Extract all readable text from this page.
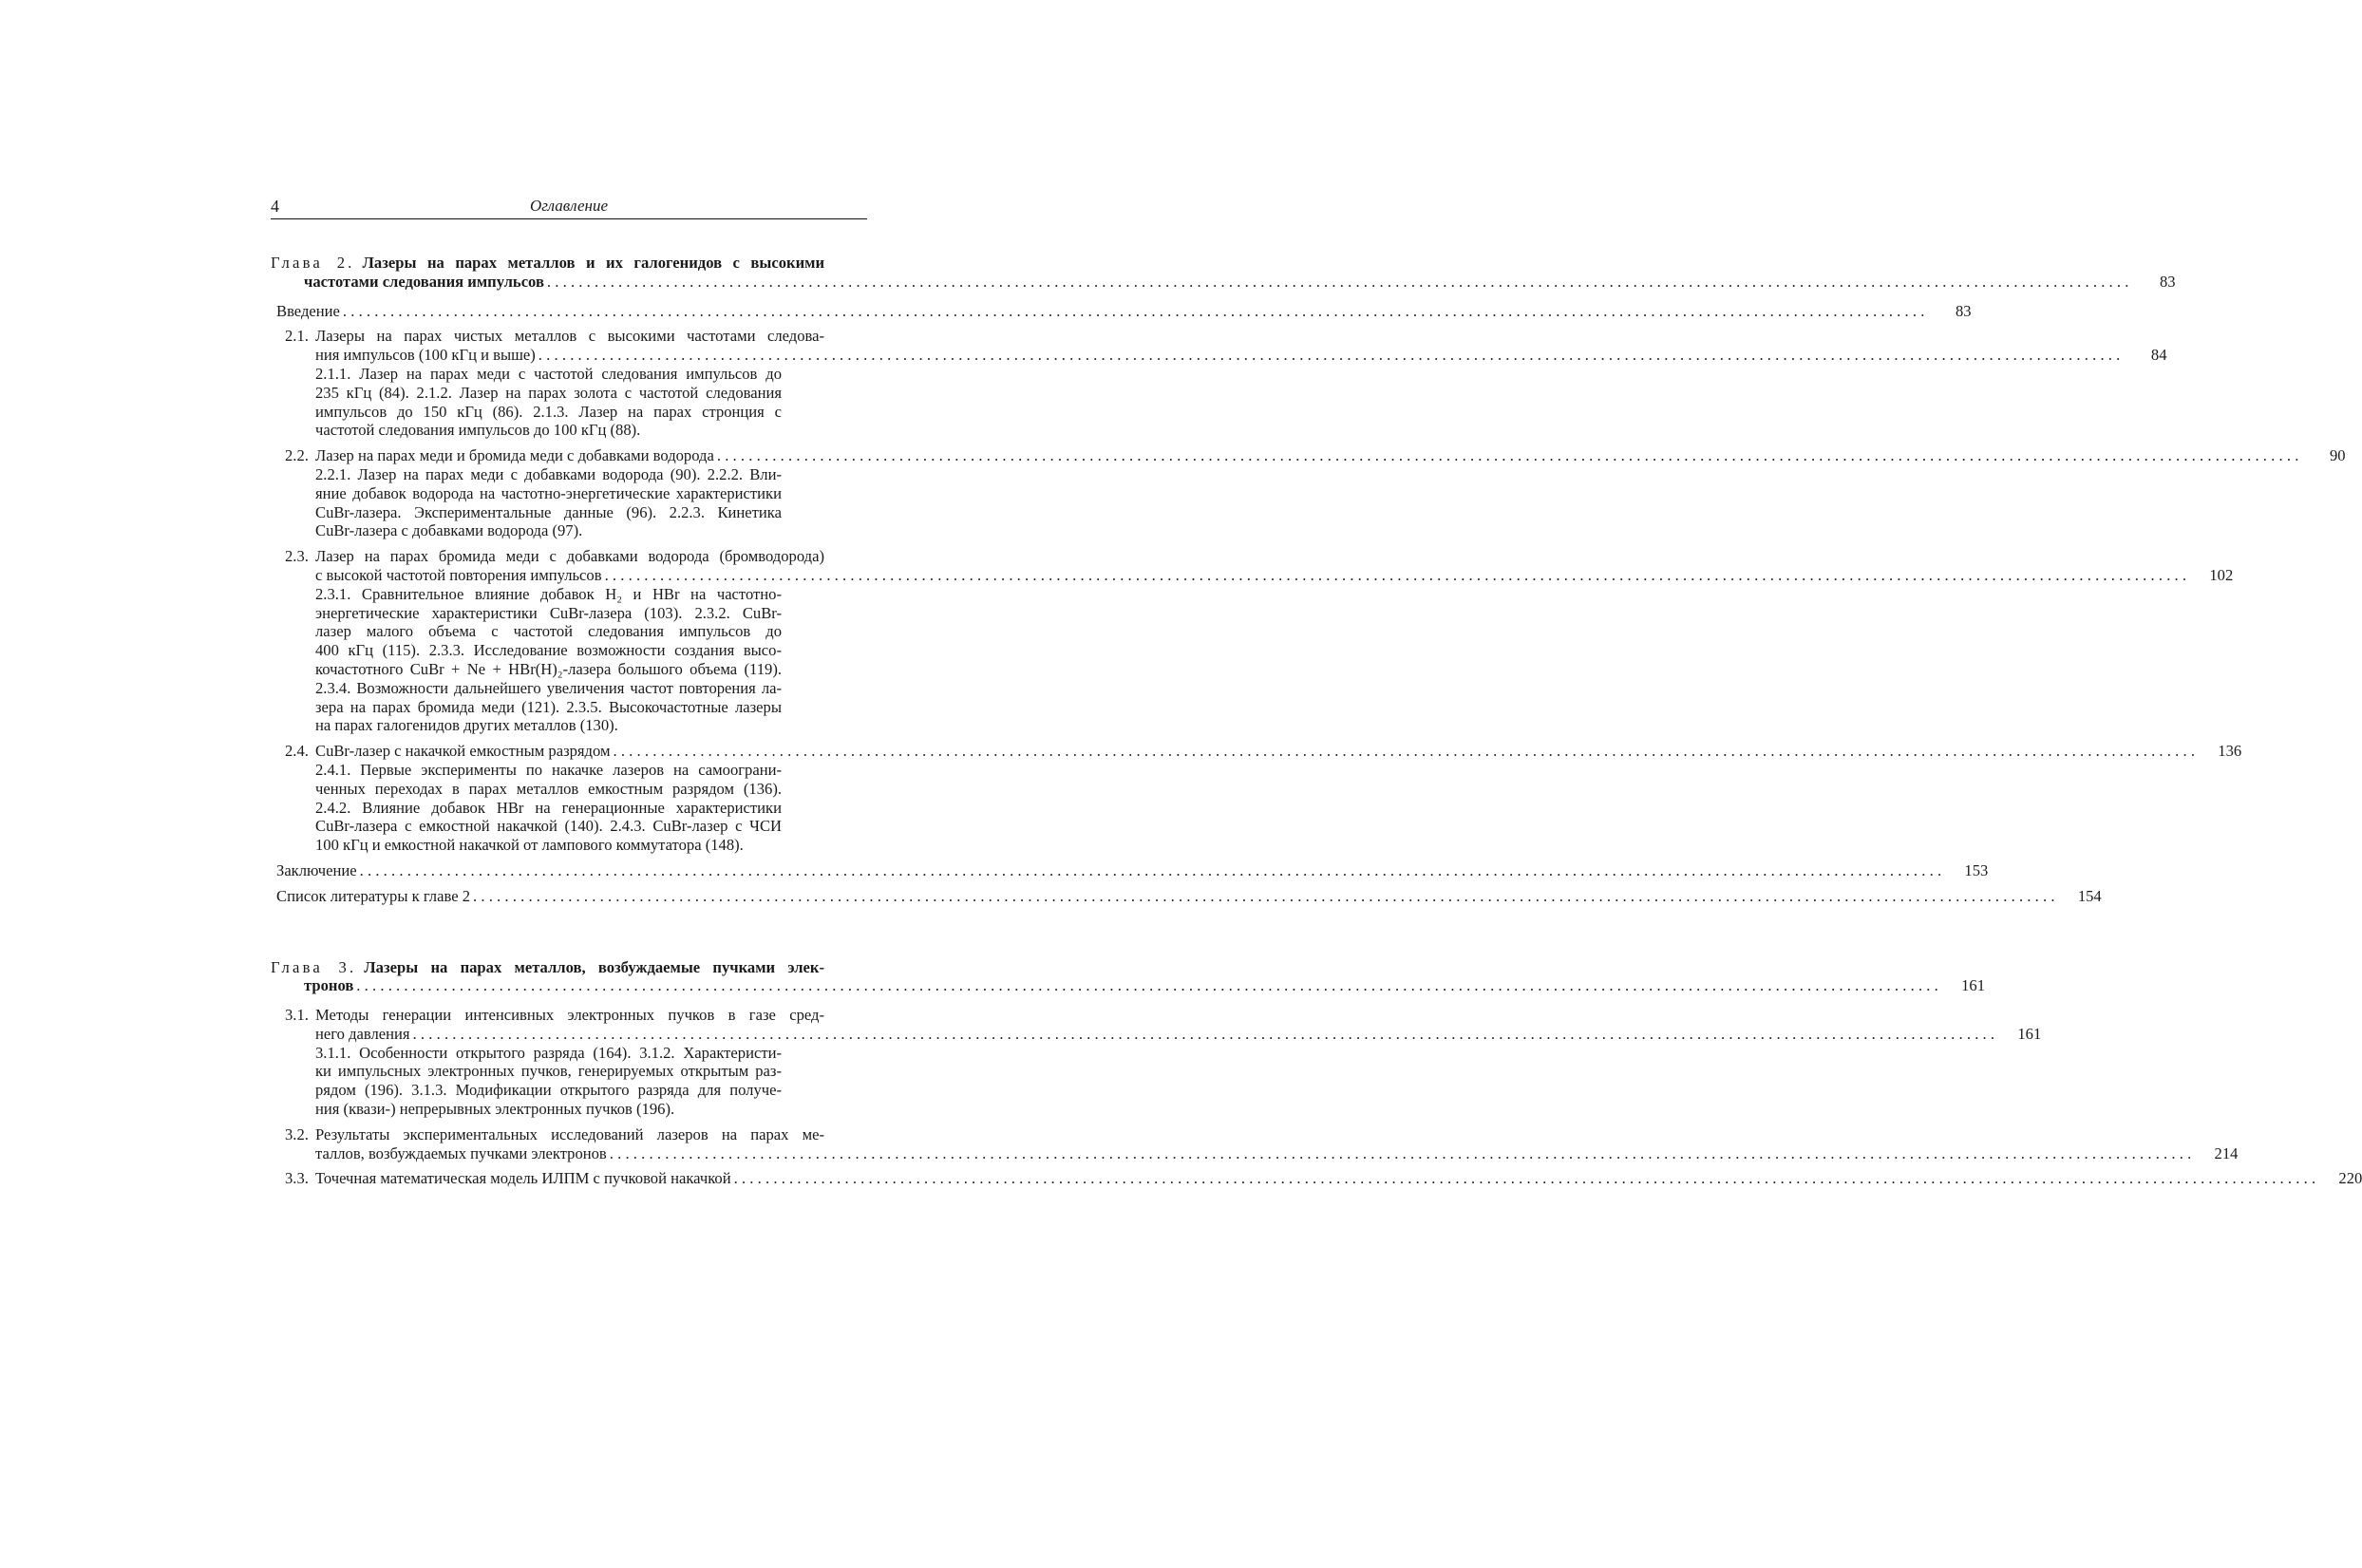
4	Оглавление
Глава 2. Лазеры на парах металлов и их галогенидов с высокими
частотами следования импульсов ........................................................................................................................................................................................................	83
Введение ........................................................................................................................................................................................................	83
2.1. Лазеры на парах чистых металлов с высокими частотами следова-
ния импульсов (100 кГц и выше) ........................................................................................................................................................................................................	84
2.1.1. Лазер на парах меди с частотой следования импульсов до
235 кГц (84). 2.1.2. Лазер на парах золота с частотой следования
импульсов до 150 кГц (86). 2.1.3. Лазер на парах стронция с
частотой следования импульсов до 100 кГц (88).
2.2. Лазер на парах меди и бромида меди с добавками водорода ........................................................................................................................................................................................................	90
2.2.1. Лазер на парах меди с добавками водорода (90). 2.2.2. Вли-
яние добавок водорода на частотно-энергетические характеристики
CuBr-лазера. Экспериментальные данные (96). 2.2.3. Кинетика
CuBr-лазера с добавками водорода (97).
2.3. Лазер на парах бромида меди с добавками водорода (бромводорода)
с высокой частотой повторения импульсов ........................................................................................................................................................................................................	102
2.3.1. Сравнительное влияние добавок H₂ и HBr на частотно-
энергетические характеристики CuBr-лазера (103). 2.3.2. CuBr-
лазер малого объема с частотой следования импульсов до
400 кГц (115). 2.3.3. Исследование возможности создания высо-
кочастотного CuBr + Ne + HBr(H)₂-лазера большого объема (119).
2.3.4. Возможности дальнейшего увеличения частот повторения ла-
зера на парах бромида меди (121). 2.3.5. Высокочастотные лазеры
на парах галогенидов других металлов (130).
2.4. CuBr-лазер с накачкой емкостным разрядом ........................................................................................................................................................................................................	136
2.4.1. Первые эксперименты по накачке лазеров на самоограни-
ченных переходах в парах металлов емкостным разрядом (136).
2.4.2. Влияние добавок HBr на генерационные характеристики
CuBr-лазера с емкостной накачкой (140). 2.4.3. CuBr-лазер с ЧСИ
100 кГц и емкостной накачкой от лампового коммутатора (148).
Заключение ........................................................................................................................................................................................................	153
Список литературы к главе 2 ........................................................................................................................................................................................................	154
Глава 3. Лазеры на парах металлов, возбуждаемые пучками элек-
тронов ........................................................................................................................................................................................................	161
3.1. Методы генерации интенсивных электронных пучков в газе сред-
него давления ........................................................................................................................................................................................................	161
3.1.1. Особенности открытого разряда (164). 3.1.2. Характеристи-
ки импульсных электронных пучков, генерируемых открытым раз-
рядом (196). 3.1.3. Модификации открытого разряда для получе-
ния (квази-) непрерывных электронных пучков (196).
3.2. Результаты экспериментальных исследований лазеров на парах ме-
таллов, возбуждаемых пучками электронов ........................................................................................................................................................................................................	214
3.3. Точечная математическая модель ИЛПМ с пучковой накачкой ........................................................................................................................................................................................................	220
